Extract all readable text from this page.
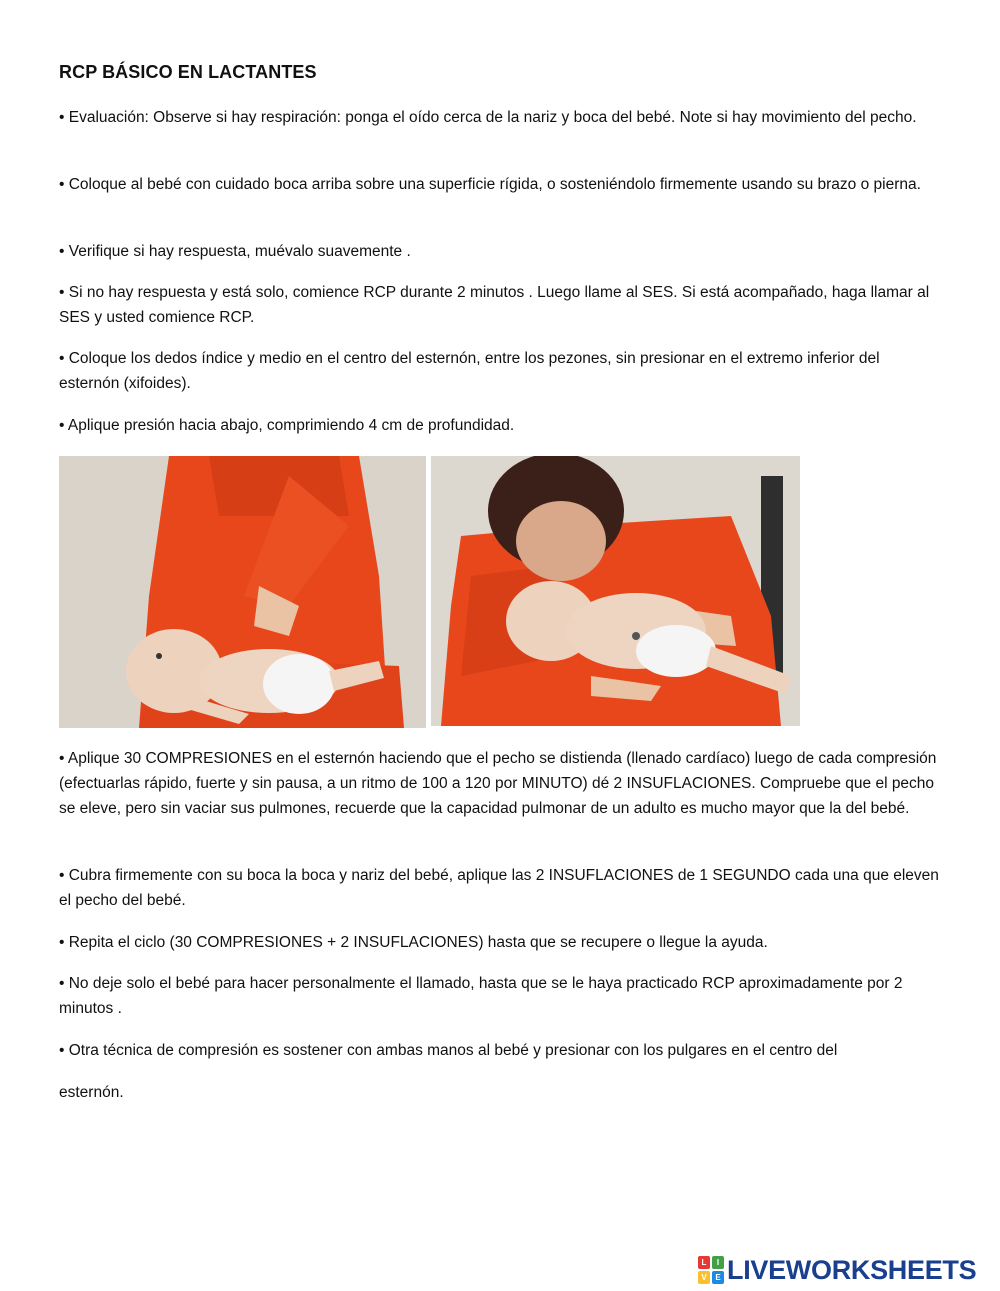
RCP BÁSICO EN LACTANTES

• Evaluación: Observe si hay respiración: ponga el oído cerca de la nariz y boca del bebé. Note si hay movimiento del pecho.

• Coloque al bebé con cuidado boca arriba sobre una superficie rígida, o sosteniéndolo firmemente usando su brazo o pierna.

• Verifique si hay respuesta, muévalo suavemente .

• Si no hay respuesta y está solo, comience RCP durante 2 minutos . Luego llame al SES. Si está acompañado, haga llamar al SES y usted comience RCP.

• Coloque los dedos índice y medio en el centro del esternón, entre los pezones, sin presionar en el extremo inferior del esternón (xifoides).

• Aplique presión hacia abajo, comprimiendo 4 cm de profundidad.

• Aplique 30 COMPRESIONES en el esternón haciendo que el pecho se distienda (llenado cardíaco) luego de cada compresión (efectuarlas rápido, fuerte y sin pausa, a un ritmo de 100 a 120 por MINUTO) dé 2 INSUFLACIONES. Compruebe que el pecho se eleve, pero sin vaciar sus pulmones, recuerde que la capacidad pulmonar de un adulto es mucho mayor que la del bebé.

• Cubra firmemente con su boca la boca y nariz del bebé, aplique las 2 INSUFLACIONES de 1 SEGUNDO cada una que eleven el pecho del bebé.

• Repita el ciclo (30 COMPRESIONES + 2 INSUFLACIONES) hasta que se recupere o llegue la ayuda.

• No deje solo el bebé para hacer personalmente el llamado, hasta que se le haya practicado RCP aproximadamente por 2 minutos .

• Otra técnica de compresión es sostener con ambas manos al bebé y presionar con los pulgares en el centro del

esternón.

L	I
V	E LIVEWORKSHEETS
